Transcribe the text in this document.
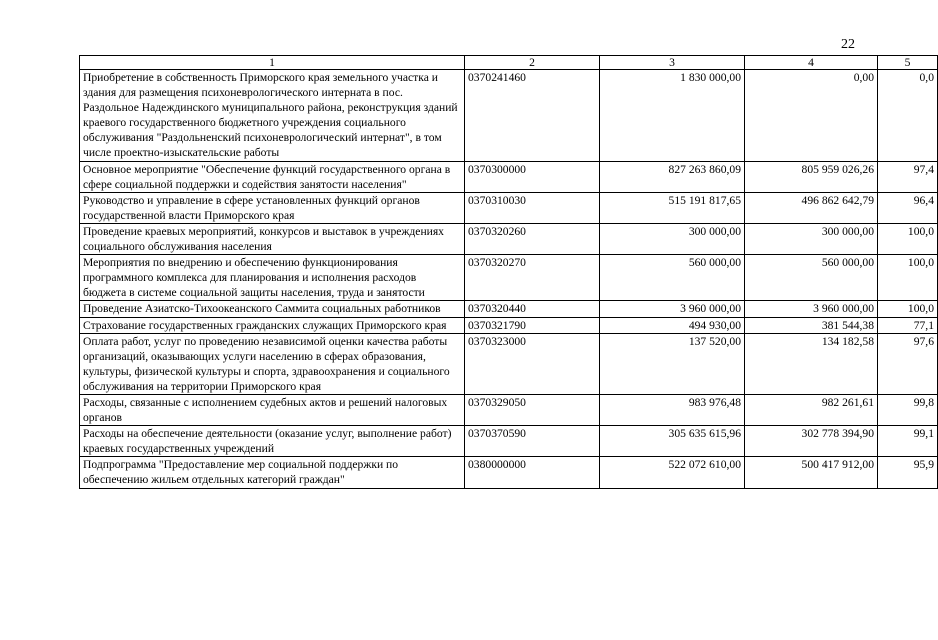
22
1	2	3	4	5
Приобретение в собственность Приморского края земельного участка и здания для размещения психоневрологического интерната в пос. Раздольное Надеждинского муниципального района, реконструкция зданий краевого государственного бюджетного учреждения социального обслуживания "Раздольненский психоневрологический интернат", в том числе проектно-изыскательские работы	0370241460	1 830 000,00	0,00	0,0
Основное мероприятие "Обеспечение функций государственного органа в сфере социальной поддержки и содействия занятости населения"	0370300000	827 263 860,09	805 959 026,26	97,4
Руководство и управление в сфере установленных функций органов государственной власти Приморского края	0370310030	515 191 817,65	496 862 642,79	96,4
Проведение краевых мероприятий, конкурсов и выставок в учреждениях социального обслуживания населения	0370320260	300 000,00	300 000,00	100,0
Мероприятия по внедрению и обеспечению функционирования программного комплекса для планирования и исполнения расходов бюджета в системе социальной защиты населения, труда и занятости	0370320270	560 000,00	560 000,00	100,0
Проведение Азиатско-Тихоокеанского Саммита социальных работников	0370320440	3 960 000,00	3 960 000,00	100,0
Страхование государственных гражданских служащих Приморского края	0370321790	494 930,00	381 544,38	77,1
Оплата работ, услуг по проведению независимой оценки качества работы организаций, оказывающих услуги населению в сферах образования, культуры, физической культуры и спорта, здравоохранения и социального обслуживания на территории Приморского края	0370323000	137 520,00	134 182,58	97,6
Расходы, связанные с исполнением судебных актов и решений налоговых органов	0370329050	983 976,48	982 261,61	99,8
Расходы на обеспечение деятельности (оказание услуг, выполнение работ) краевых государственных учреждений	0370370590	305 635 615,96	302 778 394,90	99,1
Подпрограмма "Предоставление мер социальной поддержки по обеспечению жильем отдельных категорий граждан"	0380000000	522 072 610,00	500 417 912,00	95,9
